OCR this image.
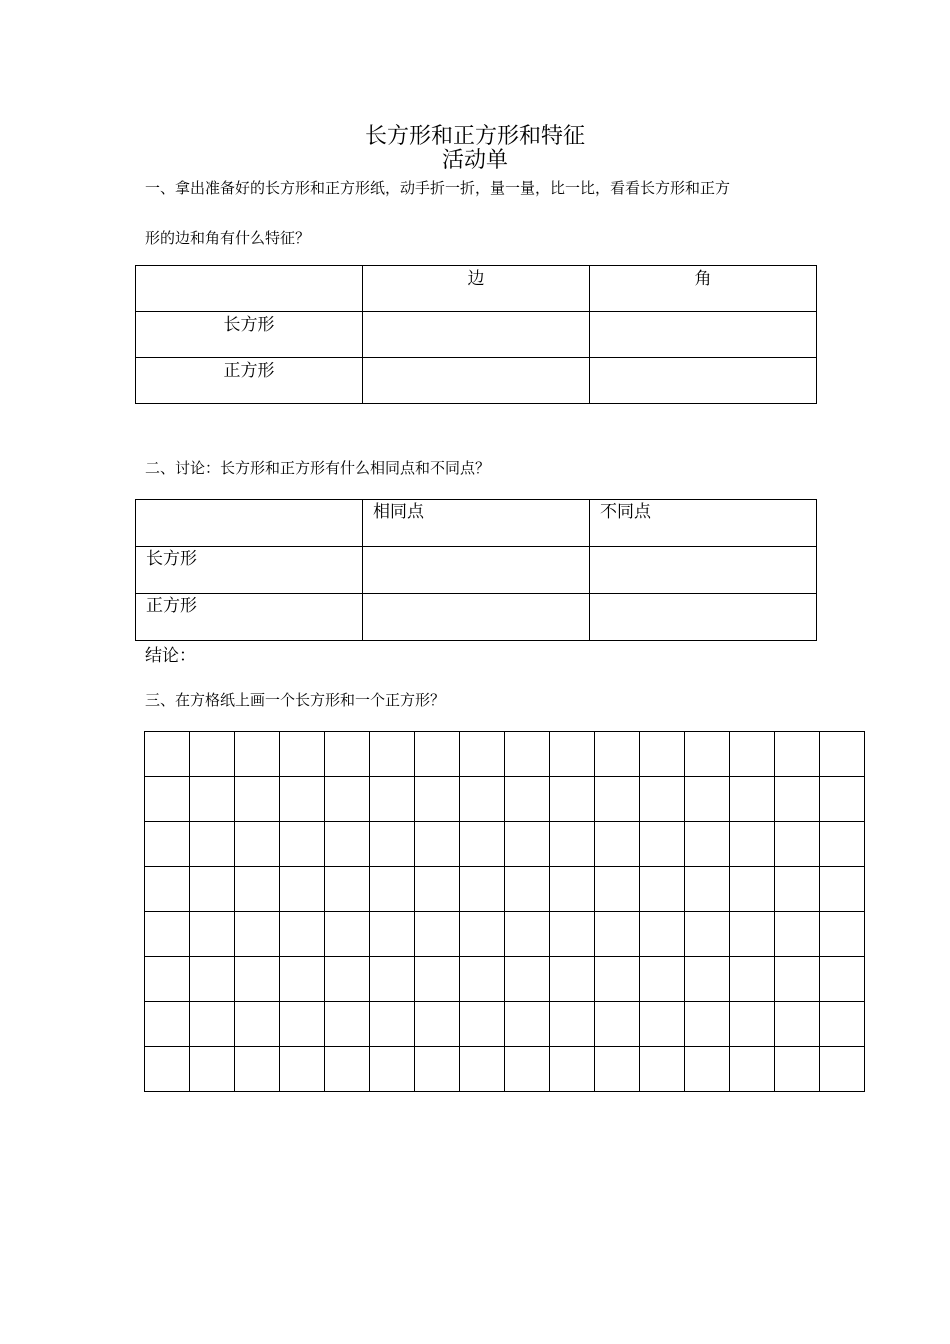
长方形和正方形和特征
活动单
一、拿出准备好的长方形和正方形纸，动手折一折，量一量，比一比，看看长方形和正方
形的边和角有什么特征？
	边	角
长方形		
正方形		
二、讨论：长方形和正方形有什么相同点和不同点？
	相同点	不同点
长方形		
正方形		
结论：
三、在方格纸上画一个长方形和一个正方形？
